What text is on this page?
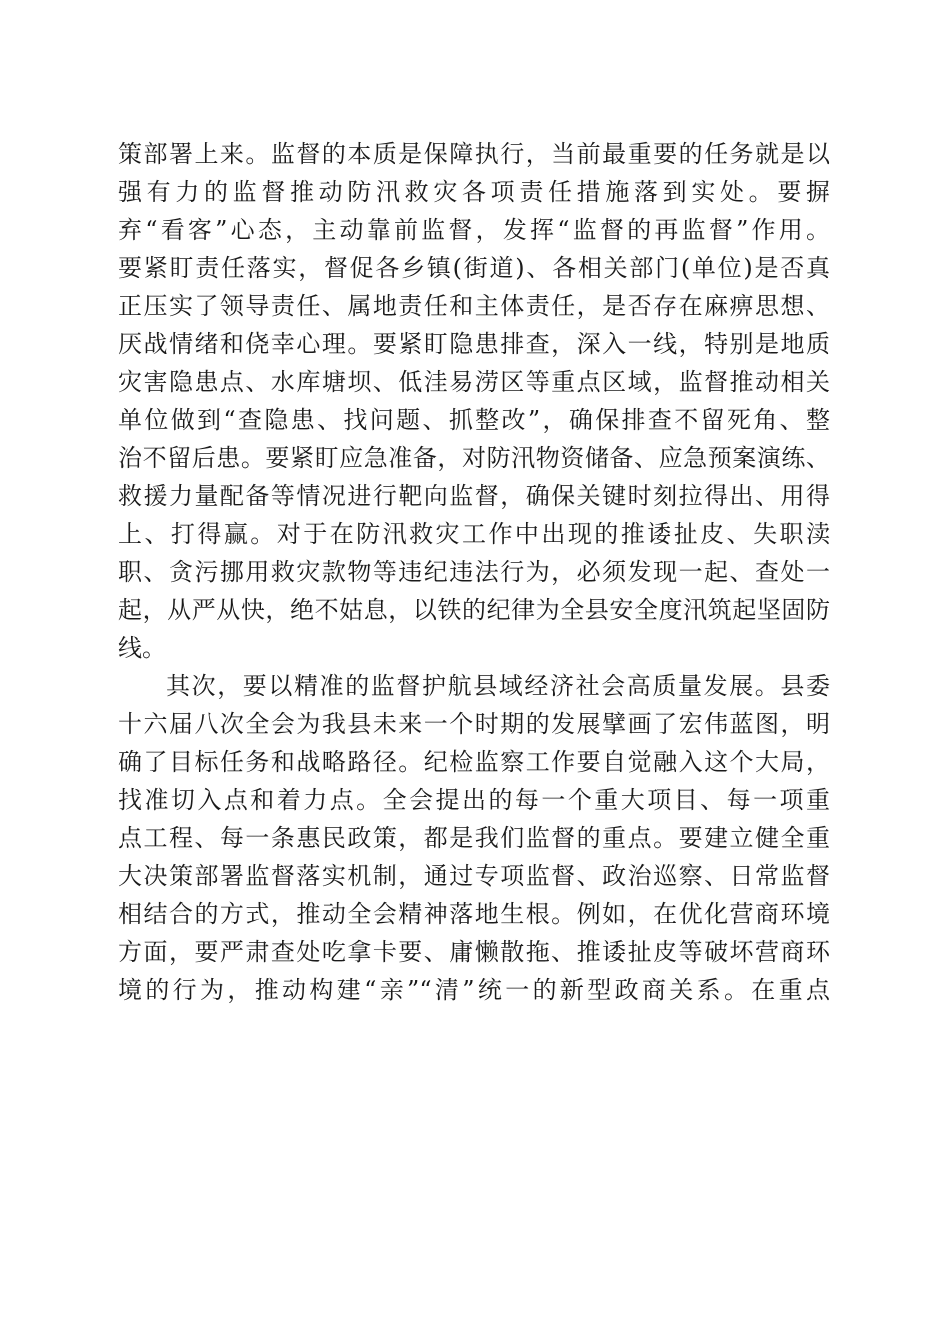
策部署上来。监督的本质是保障执行，当前最重要的任务就是以
强有力的监督推动防汛救灾各项责任措施落到实处。要摒
弃“看客”心态，主动靠前监督，发挥“监督的再监督”作用。
要紧盯责任落实，督促各乡镇(街道)、各相关部门(单位)是否真
正压实了领导责任、属地责任和主体责任，是否存在麻痹思想、
厌战情绪和侥幸心理。要紧盯隐患排查，深入一线，特别是地质
灾害隐患点、水库塘坝、低洼易涝区等重点区域，监督推动相关
单位做到“查隐患、找问题、抓整改”，确保排查不留死角、整
治不留后患。要紧盯应急准备，对防汛物资储备、应急预案演练、
救援力量配备等情况进行靶向监督，确保关键时刻拉得出、用得
上、打得赢。对于在防汛救灾工作中出现的推诿扯皮、失职渎
职、贪污挪用救灾款物等违纪违法行为，必须发现一起、查处一
起，从严从快，绝不姑息，以铁的纪律为全县安全度汛筑起坚固防
线。
其次，要以精准的监督护航县域经济社会高质量发展。县委
十六届八次全会为我县未来一个时期的发展擘画了宏伟蓝图，明
确了目标任务和战略路径。纪检监察工作要自觉融入这个大局，
找准切入点和着力点。全会提出的每一个重大项目、每一项重
点工程、每一条惠民政策，都是我们监督的重点。要建立健全重
大决策部署监督落实机制，通过专项监督、政治巡察、日常监督
相结合的方式，推动全会精神落地生根。例如，在优化营商环境
方面，要严肃查处吃拿卡要、庸懒散拖、推诿扯皮等破坏营商环
境的行为，推动构建“亲”“清”统一的新型政商关系。在重点
